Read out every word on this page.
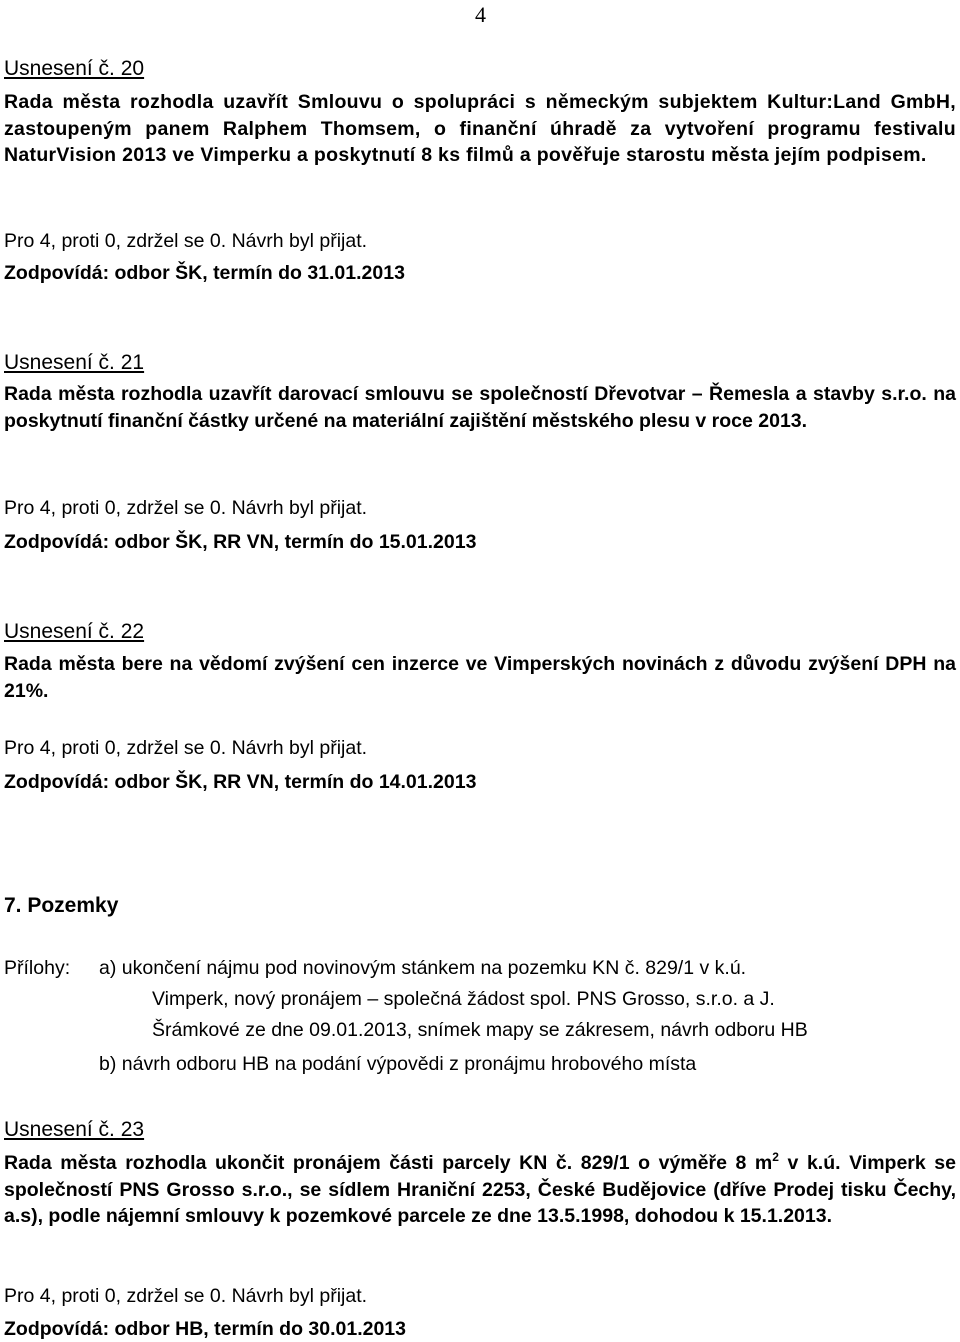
4
Usnesení č. 20
Rada města rozhodla uzavřít Smlouvu o spolupráci s německým subjektem Kultur:Land GmbH, zastoupeným panem Ralphem Thomsem, o finanční úhradě za vytvoření programu festivalu NaturVision 2013 ve Vimperku a poskytnutí 8 ks filmů a pověřuje starostu města jejím podpisem.
Pro 4, proti 0, zdržel se 0. Návrh byl přijat.
Zodpovídá: odbor ŠK, termín do 31.01.2013
Usnesení č. 21
Rada města rozhodla uzavřít darovací smlouvu se společností Dřevotvar – Řemesla a stavby s.r.o. na poskytnutí finanční částky určené na materiální zajištění městského plesu v roce 2013.
Pro 4, proti 0, zdržel se 0. Návrh byl přijat.
Zodpovídá: odbor ŠK, RR VN, termín do 15.01.2013
Usnesení č. 22
Rada města bere na vědomí zvýšení cen inzerce ve Vimperských novinách z důvodu zvýšení DPH na 21%.
Pro 4, proti 0, zdržel se 0. Návrh byl přijat.
Zodpovídá: odbor ŠK, RR VN, termín do 14.01.2013
7. Pozemky
Přílohy: a) ukončení nájmu pod novinovým stánkem na pozemku KN č. 829/1 v k.ú.
Vimperk, nový pronájem – společná žádost spol. PNS Grosso, s.r.o. a J.
Šrámkové ze dne 09.01.2013, snímek mapy se zákresem, návrh odboru HB
b) návrh odboru HB na podání výpovědi z pronájmu hrobového místa
Usnesení č. 23
Rada města rozhodla ukončit pronájem části parcely KN č. 829/1 o výměře 8 $m^2$ v k.ú. Vimperk se společností PNS Grosso s.r.o., se sídlem Hraniční 2253, České Budějovice (dříve Prodej tisku Čechy, a.s), podle nájemní smlouvy k pozemkové parcele ze dne 13.5.1998, dohodou k 15.1.2013.
Pro 4, proti 0, zdržel se 0. Návrh byl přijat.
Zodpovídá: odbor HB, termín do 30.01.2013
